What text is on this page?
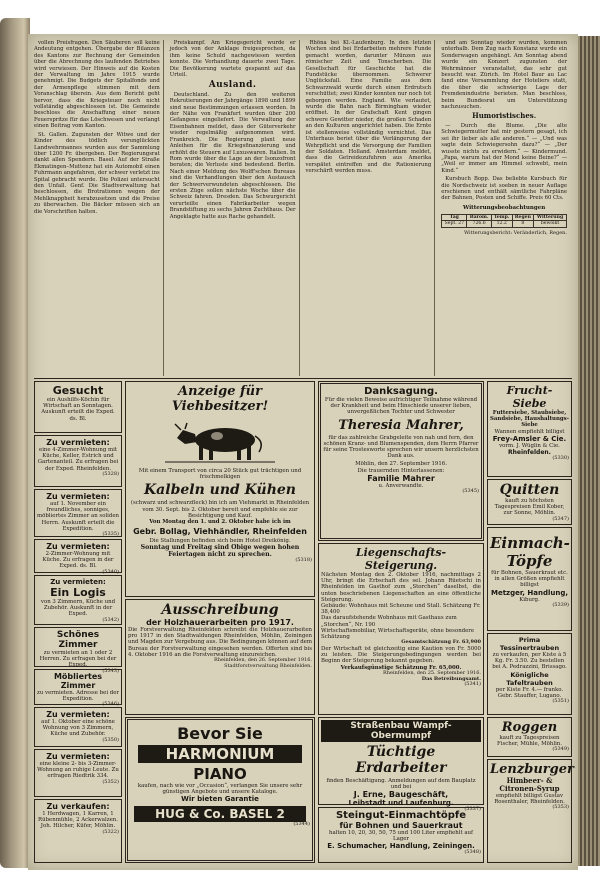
vollen Preisfragen. Den Säuberen soll keine Andeutung entgehen. Übergabe der Bilanzen des Kantons zur Rechnung der Gemeinden über die Abrechnung des laufenden Betriebes wird verwiesen. Der Hinweis auf die Kosten der Verwaltung im Jahre 1915 wurde genehmigt. Die Budgets der Spitalfonds und der Armenpflege stimmen mit dem Voranschlag überein. Aus dem Bericht geht hervor, dass die Kriegsteuer noch nicht vollständig abgeschlossen ist. Die Gemeinde beschloss die Anschaffung einer neuen Feuerspritze für das Löschwesen und verlangt einen Beitrag vom Kanton.

St. Gallen. Zugunsten der Witwe und der Kinder des tödlich verunglückten Landwehrmannes wurden aus der Sammlung über 1200 Fr. übergeben. Der Regierungsrat dankt allen Spendern. Basel. Auf der Straße Ekmatingen–Muttenz hat ein Automobil einen Fuhrmann angefahren, der schwer verletzt ins Spital gebracht wurde. Die Polizei untersucht den Unfall. Genf. Die Stadtverwaltung hat beschlossen, die Brotrationen wegen der Mehlknappheit herabzusetzen und die Preise zu überwachen. Die Bäcker müssen sich an die Vorschriften halten.

Preiskampf. Am Kriegsgericht wurde er jedoch von der Anklage freigesprochen, da ihm keine Schuld nachgewiesen werden konnte. Die Verhandlung dauerte zwei Tage. Die Bevölkerung wartete gespannt auf das Urteil.

Ausland.

Deutschland. Zu den weiteren Rekrutierungen der Jahrgänge 1898 und 1899 sind neue Bestimmungen erlassen worden. In der Nähe von Frankfurt wurden über 200 Gefangene eingeliefert. Die Verwaltung der Eisenbahnen meldet, dass der Güterverkehr wieder regelmäßig aufgenommen wird. Frankreich. Die Regierung plant neue Anleihen für die Kriegsfinanzierung und erhöht die Steuern auf Luxuswaren. Italien. In Rom wurde über die Lage an der Isonzofront beraten; die Verluste sind bedeutend. Berlin. Nach einer Meldung des Wolff'schen Bureaus sind die Verhandlungen über den Austausch der Schwerverwundeten abgeschlossen. Die ersten Züge sollen nächste Woche über die Schweiz fahren. Dresden. Das Schwurgericht verurteilte einen Fabrikarbeiter wegen Brandstiftung zu sechs Jahren Zuchthaus. Der Angeklagte hatte aus Rache gehandelt.

Rhöna bei Kl.-Laufenburg. In den letzten Wochen sind bei Erdarbeiten mehrere Funde gemacht worden, darunter Münzen aus römischer Zeit und Tonscherben. Die Gesellschaft für Geschichte hat die Fundstücke übernommen. Schwerer Unglücksfall. Eine Familie aus dem Schwarzwald wurde durch einen Erdrutsch verschüttet; zwei Kinder konnten nur noch tot geborgen werden. England. Wie verlautet, wurde die Bahn nach Birmingham wieder eröffnet. In der Grafschaft Kent gingen schwere Gewitter nieder, die großen Schaden an den Kulturen angerichtet haben. Die Ernte ist stellenweise vollständig vernichtet. Das Unterhaus beriet über die Verlängerung der Wehrpflicht und die Versorgung der Familien der Soldaten. Holland. Amsterdam meldet, dass die Getreidezufuhren aus Amerika verspätet eintreffen und die Rationierung verschärft werden muss.

und am Sonntag wieder wurden, kommen unterhalb. Dem Zug nach Konstanz wurde ein Sonderwagen angehängt. Am Sonntag abend wurde ein Konzert zugunsten der Wehrmänner veranstaltet, das sehr gut besucht war. Zürich. Im Hotel Baur au Lac fand eine Versammlung der Hoteliers statt, die über die schwierige Lage der Fremdenindustrie berieten. Man beschloss, beim Bundesrat um Unterstützung nachzusuchen.

Humoristisches.

— Durch die Blume. „Die alte Schwiegermutter hat mir gestern gesagt, ich sei ihr lieber als alle anderen.“ — „Und was sagte dein Schwiegersohn dazu?“ — „Der wusste nichts zu erwidern.“ — Kindermund. „Papa, warum hat der Mond keine Beine?“ — „Weil er immer am Himmel schwebt, mein Kind.“

Kursbuch Bopp. Das beliebte Kursbuch für die Nordschweiz ist soeben in neuer Auflage erschienen und enthält sämtliche Fahrpläne der Bahnen, Posten und Schiffe. Preis 60 Cts.

Witterungsbeobachtungen
Tag	Barom.	Temp.	Regen	Witterung
Sept. 27	726.6	12.2	8	bewölkt

Witterungsbericht: Veränderlich, Regen.

Gesucht
ein Aushilfs-Köchin für Wirtschaft an Sonntagen. Auskunft erteilt die Exped. ds. Bl.
Zu vermieten:
eine 4-Zimmer-Wohnung mit Küche, Keller, Estrich und Gartenanteil. Zu erfragen bei der Exped. Rheinfelden.
(5328)
Zu vermieten:
auf 1. November ein freundliches, sonniges, möbliertes Zimmer an soliden Herrn. Auskunft erteilt die Expedition.
(5335)
Zu vermieten:
2-Zimmer-Wohnung mit Küche. Zu erfragen in der Exped. ds. Bl.
(5340)
Zu vermieten:
Ein Logis
von 3 Zimmern, Küche und Zubehör. Auskunft in der Exped.
(5342)
Schönes Zimmer
zu vermieten an 1 oder 2 Herren. Zu erfragen bei der Exped.
(5343)
Möbliertes Zimmer
zu vermieten. Adresse bei der Expedition.
(5346)
Zu vermieten:
auf 1. Oktober eine schöne Wohnung von 3 Zimmern, Küche und Zubehör.
(5350)
Zu vermieten:
eine kleine 2- bis 3-Zimmer-Wohnung an ruhige Leute. Zu erfragen Riedtrik 334.
(5352)
Zu verkaufen:
1 Herdwagen, 1 Karren, 1 Rübenmühle, 2 Ackerwalzen. Joh. Hilcher, Küfer, Möhlin.
(5322)
Anzeige für Viehbesitzer!
Mit einem Transport von circa 20 Stück gut trächtigen und frischmelkigen
Kalbeln und Kühen
(schwarz und schwarzfleck) bin ich am Viehmarkt in Rheinfelden vom 30. Sept. bis 2. Oktober bereit und empfehle sie zur Besichtigung und Kauf.
Von Montag den 1. und 2. Oktober habe ich im
Gebr. Bollag, Viehhändler, Rheinfelden
Die Stallungen befinden sich beim Hotel Dreikönig.
Sonntag und Freitag sind Obige wegen hohen Feiertagen nicht zu sprechen.
(5318)
Ausschreibung
der Holzhauerarbeiten pro 1917.
Die Forstverwaltung Rheinfelden schreibt die Holzhauerarbeiten pro 1917 in den Stadtwaldungen Rheinfelden, Möhlin, Zeiningen und Magden zur Vergebung aus. Die Bedingungen können auf dem Bureau der Forstverwaltung eingesehen werden. Offerten sind bis 4. Oktober 1916 an die Forstverwaltung einzureichen.
Rheinfelden, den 26. September 1916.
Stadtforstverwaltung Rheinfelden.
Bevor Sie
HARMONIUM
PIANO
kaufen, nach wie vor „Occasion“, verlangen Sie unsere sehr günstigen Angebote und unsere Kataloge.
Wir bieten Garantie
HUG & Co. BASEL 2
(5344)
Danksagung.
Für die vielen Beweise aufrichtiger Teilnahme während der Krankheit und beim Hinschiede unserer lieben, unvergeßlichen Tochter und Schwester
Theresia Mahrer,
für das zahlreiche Grabgeleite von nah und fern, den schönen Kranz- und Blumenspenden, dem Herrn Pfarrer für seine Trostesworte sprechen wir unsern herzlichsten Dank aus.
Möhlin, den 27. September 1916.
Die trauernden Hinterlassenen:
Familie Mahrer
u. Anverwandte.
(5345)
Liegenschafts-Steigerung.
Nächsten Montag den 2. Oktober 1916, nachmittags 2 Uhr, bringt die Erbschaft des sel. Johann Rüetschi in Rheinfelden im Gasthof zum „Storchen“ daselbst, die unten beschriebenen Liegenschaften an eine öffentliche Steigerung.
Gebäude: Wohnhaus mit Scheune und Stall. Schätzung Fr. 38,400
Das daraufstehende Wohnhaus mit Gasthaus zum „Storchen“, Nr. 190
Wirtschaftsmobiliar, Wirtschaftsgeräte, ohne besondere Schätzung
Gesamtschätzung Fr. 63,900
Der Wirtschaft ist gleichzeitig eine Kaution von Fr. 5000 zu leisten. Die Steigerungsbedingungen werden bei Beginn der Steigerung bekannt gegeben.
Verkaufsgünstige Schätzung Fr. 65,000.
Rheinfelden, den 25. September 1916.
Das Betreibungsamt.
(5341)
Straßenbau Wampf-Obermumpf
Tüchtige Erdarbeiter
finden Beschäftigung. Anmeldungen auf dem Bauplatz und bei
J. Erne, Baugeschäft,
Leibstadt und Laufenburg.
(5337)
Steingut-Einmachtöpfe
für Bohnen und Sauerkraut
halten 10, 20, 30, 50, 75 und 100 Liter empfiehlt auf Lager
E. Schumacher, Handlung, Zeiningen.
(5348)
Frucht-Siebe
Futtersiebe, Staubsiebe, Sandsiebe, Haushaltungs-Siebe
Wannen empfiehlt billigst
Frey-Amsler & Cie.
vorm. J. Wüglin & Cie.
Rheinfelden.
(5330)
Quitten
kauft zu höchsten Tagespreisen Emil Kober, zur Sonne, Möhlin.
(5347)
Einmach-
Töpfe
für Bohnen, Sauerkraut etc. in allen Größen empfiehlt billigst
Metzger, Handlung,
Kiburg.
(5339)
Prima Tessinertrauben
zu verkaufen, per Kiste à 5 Kg. Fr. 3.50. Zu bestellen bei A. Pedrazzini, Brissago.
Königliche Tafeltrauben
per Kiste Fr. 4.— franko. Gebr. Stauffer, Lugano.
(5351)
Roggen
kauft zu Tagespreisen Fischer, Mühle, Möhlin.
(5349)
Lenzburger
Himbeer- & Citronen-Syrup
empfiehlt billigst Gustav Rosenthaler, Rheinfelden.
(5353)
